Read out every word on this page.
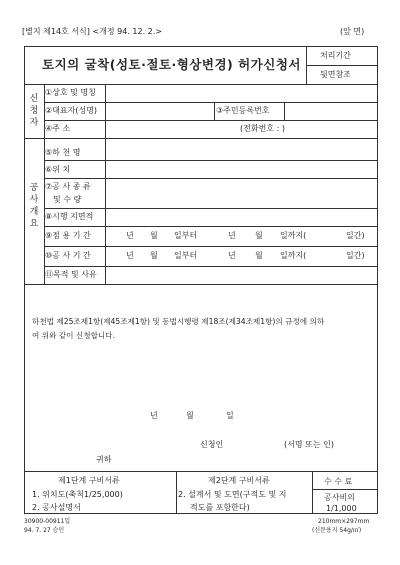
[별지 제14호 서식] <개정 94. 12. 2.>	(앞 면)
토지의 굴착(성토·절토·형상변경) 허가신청서
처리기간
뒷면참조
신청자
①상호 및 명칭
②대표자(성명)	③주민등록번호
④주 소	(전화번호 : )
공사개요
⑤하 천 명
⑥위 치
⑦공 사 종 류
및 수 량
⑧시행 지면적
⑨점 용 기 간	년 월 일부터	년 월 일까지(	일간)
⑩공 사 기 간	년 월 일부터	년 월 일까지(	일간)
⑪목적 및 사유
하천법 제25조제1항(제45조제1항) 및 동법시행령 제18조(제34조제1항)의 규정에 의하
여 위와 같이 신청합니다.
년	월	일
신청인	(서명 또는 인)
귀하
제1단계 구비서류
1. 위치도(축척1/25,000)
2. 공사설명서
제2단계 구비서류
2. 설계서 및 도면(구적도 및 지
적도를 포함한다)
수 수 료
공사비의
1/1,000
30900-00911일
94. 7. 27 승인
210mm×297mm
(신문용지 54g/㎡)
